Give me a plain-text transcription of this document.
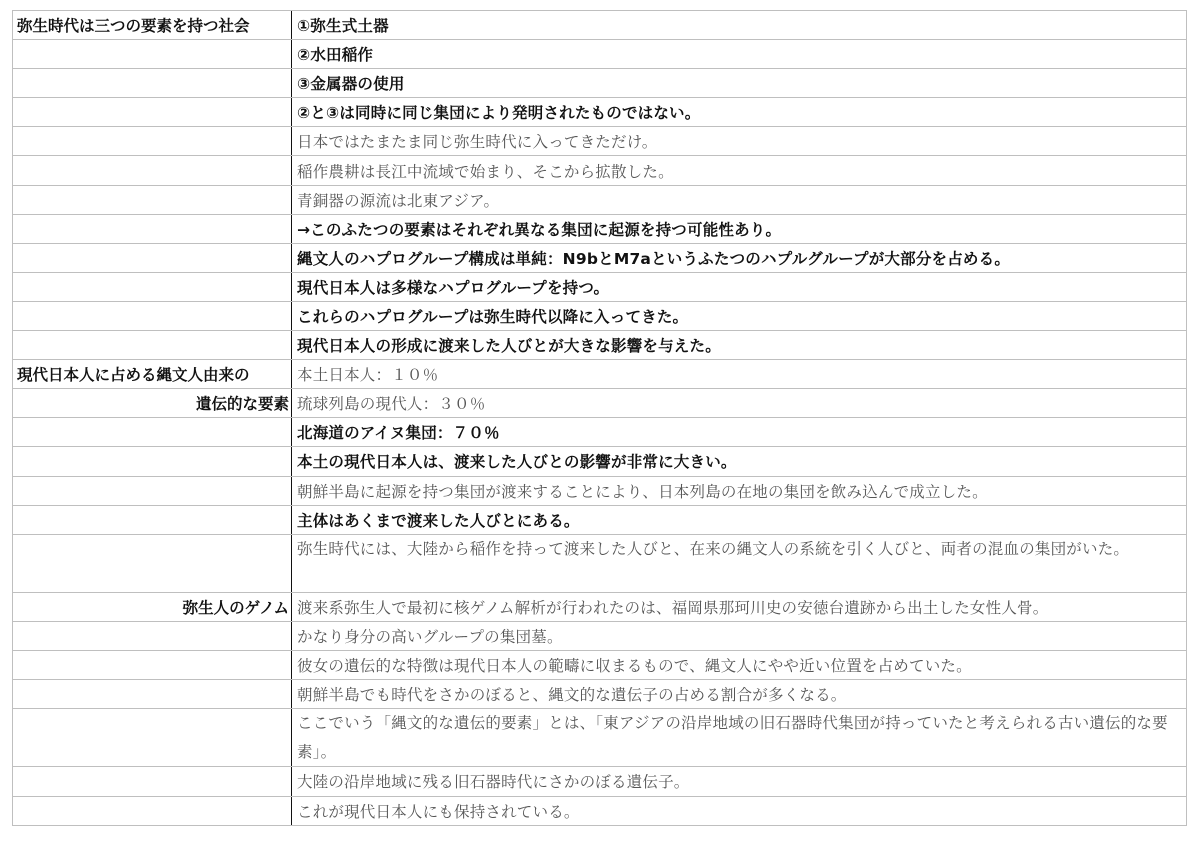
弥生時代は三つの要素を持つ社会	①弥生式土器
②水田稲作
③金属器の使用
②と③は同時に同じ集団により発明されたものではない。
日本ではたまたま同じ弥生時代に入ってきただけ。
稲作農耕は長江中流域で始まり、そこから拡散した。
青銅器の源流は北東アジア。
→このふたつの要素はそれぞれ異なる集団に起源を持つ可能性あり。
縄文人のハプログループ構成は単純：N9bとM7aというふたつのハプルグループが大部分を占める。
現代日本人は多様なハプログループを持つ。
これらのハプログループは弥生時代以降に入ってきた。
現代日本人の形成に渡来した人びとが大きな影響を与えた。
現代日本人に占める縄文人由来の	本土日本人：１０％
遺伝的な要素 琉球列島の現代人：３０％
北海道のアイヌ集団：７０％
本土の現代日本人は、渡来した人びとの影響が非常に大きい。
朝鮮半島に起源を持つ集団が渡来することにより、日本列島の在地の集団を飲み込んで成立した。
主体はあくまで渡来した人びとにある。
弥生時代には、大陸から稲作を持って渡来した人びと、在来の縄文人の系統を引く人びと、両者の混血の集団がいた。
弥生人のゲノム 渡来系弥生人で最初に核ゲノム解析が行われたのは、福岡県那珂川史の安徳台遺跡から出土した女性人骨。
かなり身分の高いグループの集団墓。
彼女の遺伝的な特徴は現代日本人の範疇に収まるもので、縄文人にやや近い位置を占めていた。
朝鮮半島でも時代をさかのぼると、縄文的な遺伝子の占める割合が多くなる。
ここでいう「縄文的な遺伝的要素」とは、「東アジアの沿岸地域の旧石器時代集団が持っていたと考えられる古い遺伝的な要素」。
大陸の沿岸地域に残る旧石器時代にさかのぼる遺伝子。
これが現代日本人にも保持されている。
